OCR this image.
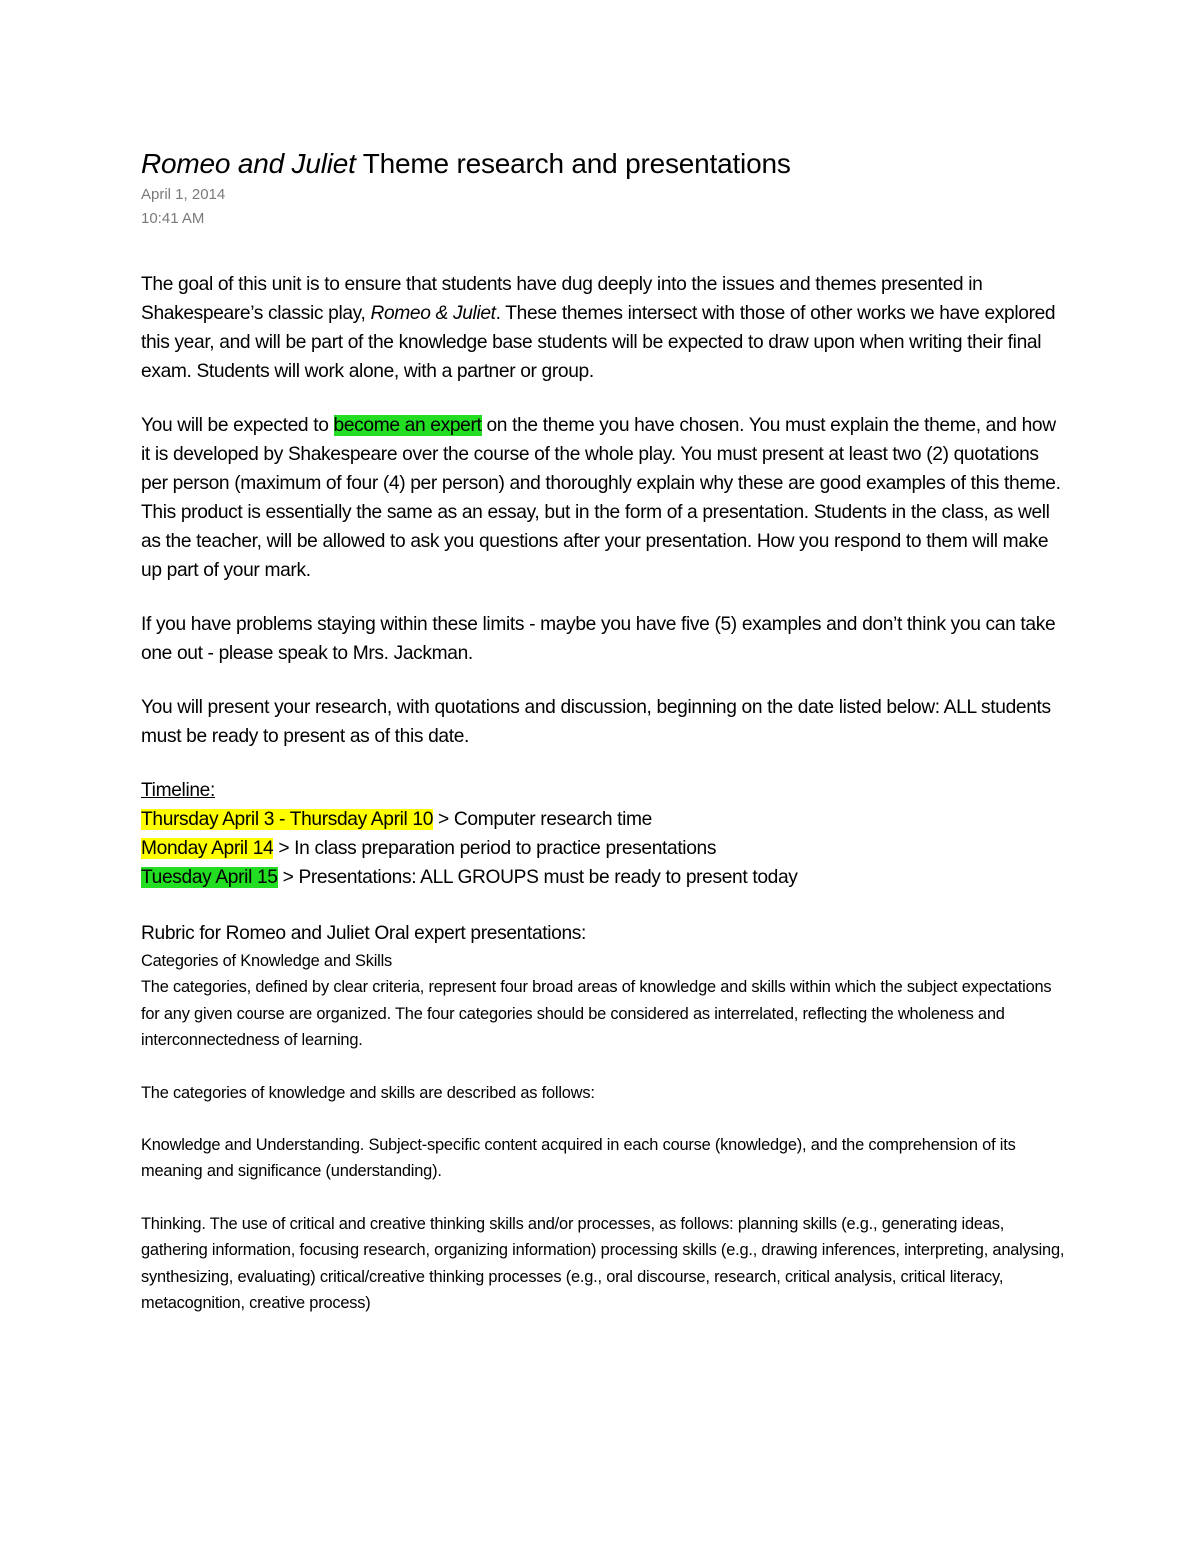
Romeo and Juliet Theme research and presentations
April 1, 2014
10:41 AM

The goal of this unit is to ensure that students have dug deeply into the issues and themes presented in Shakespeare’s classic play, Romeo & Juliet. These themes intersect with those of other works we have explored this year, and will be part of the knowledge base students will be expected to draw upon when writing their final exam. Students will work alone, with a partner or group.

You will be expected to become an expert on the theme you have chosen. You must explain the theme, and how it is developed by Shakespeare over the course of the whole play. You must present at least two (2) quotations per person (maximum of four (4) per person) and thoroughly explain why these are good examples of this theme. This product is essentially the same as an essay, but in the form of a presentation. Students in the class, as well as the teacher, will be allowed to ask you questions after your presentation. How you respond to them will make up part of your mark.

If you have problems staying within these limits - maybe you have five (5) examples and don’t think you can take one out - please speak to Mrs. Jackman.

You will present your research, with quotations and discussion, beginning on the date listed below: ALL students must be ready to present as of this date.

Timeline:
Thursday April 3 - Thursday April 10 > Computer research time
Monday April 14 > In class preparation period to practice presentations
Tuesday April 15 > Presentations: ALL GROUPS must be ready to present today
Rubric for Romeo and Juliet Oral expert presentations:

Categories of Knowledge and Skills

The categories, defined by clear criteria, represent four broad areas of knowledge and skills within which the subject expectations for any given course are organized. The four categories should be considered as interrelated, reflecting the wholeness and interconnectedness of learning.

The categories of knowledge and skills are described as follows:

Knowledge and Understanding. Subject-specific content acquired in each course (knowledge), and the comprehension of its meaning and significance (understanding).

Thinking. The use of critical and creative thinking skills and/or processes, as follows: planning skills (e.g., generating ideas, gathering information, focusing research, organizing information) processing skills (e.g., drawing inferences, interpreting, analysing, synthesizing, evaluating) critical/creative thinking processes (e.g., oral discourse, research, critical analysis, critical literacy, metacognition, creative process)
